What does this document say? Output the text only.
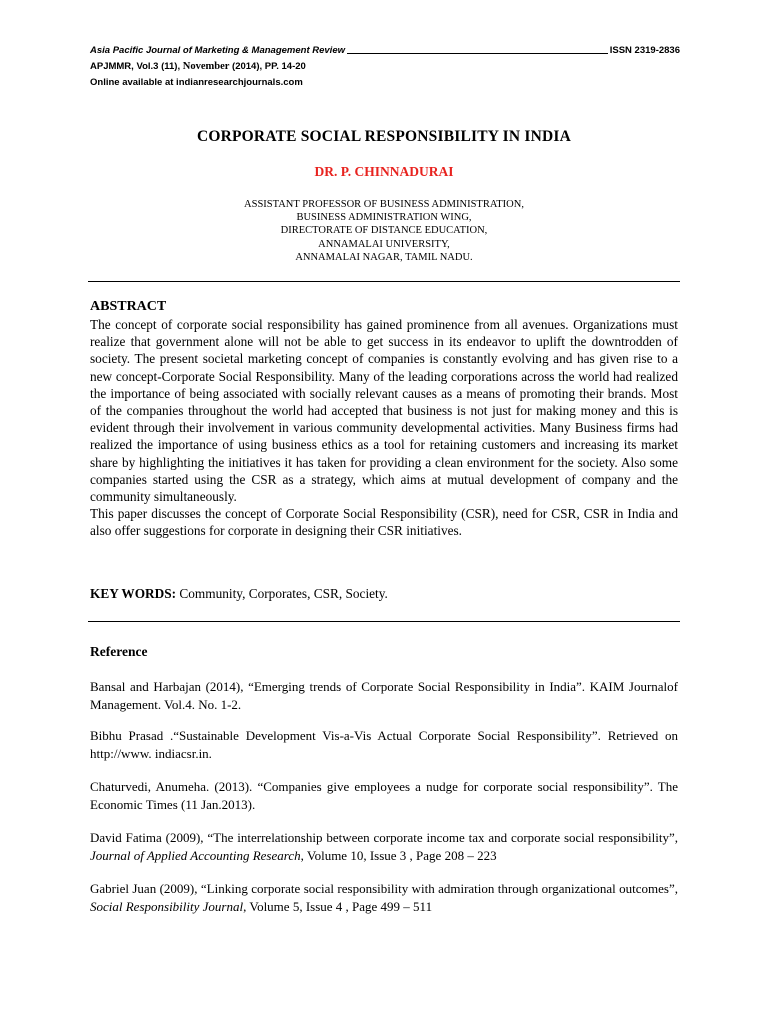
Asia Pacific Journal of Marketing & Management Review	ISSN 2319-2836
APJMMR, Vol.3 (11), November (2014), PP. 14-20
Online available at indianresearchjournals.com
CORPORATE SOCIAL RESPONSIBILITY IN INDIA
DR. P. CHINNADURAI
ASSISTANT PROFESSOR OF BUSINESS ADMINISTRATION,
BUSINESS ADMINISTRATION WING,
DIRECTORATE OF DISTANCE EDUCATION,
ANNAMALAI UNIVERSITY,
ANNAMALAI NAGAR, TAMIL NADU.
ABSTRACT

The concept of corporate social responsibility has gained prominence from all avenues. Organizations must realize that government alone will not be able to get success in its endeavor to uplift the downtrodden of society. The present societal marketing concept of companies is constantly evolving and has given rise to a new concept-Corporate Social Responsibility. Many of the leading corporations across the world had realized the importance of being associated with socially relevant causes as a means of promoting their brands. Most of the companies throughout the world had accepted that business is not just for making money and this is evident through their involvement in various community developmental activities. Many Business firms had realized the importance of using business ethics as a tool for retaining customers and increasing its market share by highlighting the initiatives it has taken for providing a clean environment for the society. Also some companies started using the CSR as a strategy, which aims at mutual development of company and the community simultaneously.

This paper discusses the concept of Corporate Social Responsibility (CSR), need for CSR, CSR in India and also offer suggestions for corporate in designing their CSR initiatives.

KEY WORDS: Community, Corporates, CSR, Society.
Reference

Bansal and Harbajan (2014), “Emerging trends of Corporate Social Responsibility in India”. KAIM Journalof Management. Vol.4. No. 1-2.

Bibhu Prasad .“Sustainable Development Vis-a-Vis Actual Corporate Social Responsibility”. Retrieved on http://www. indiacsr.in.

Chaturvedi, Anumeha. (2013). “Companies give employees a nudge for corporate social responsibility”. The Economic Times (11 Jan.2013).

David Fatima (2009), “The interrelationship between corporate income tax and corporate social responsibility”, Journal of Applied Accounting Research, Volume 10, Issue 3 , Page 208 – 223

Gabriel Juan (2009), “Linking corporate social responsibility with admiration through organizational outcomes”, Social Responsibility Journal, Volume 5, Issue 4 , Page 499 – 511
